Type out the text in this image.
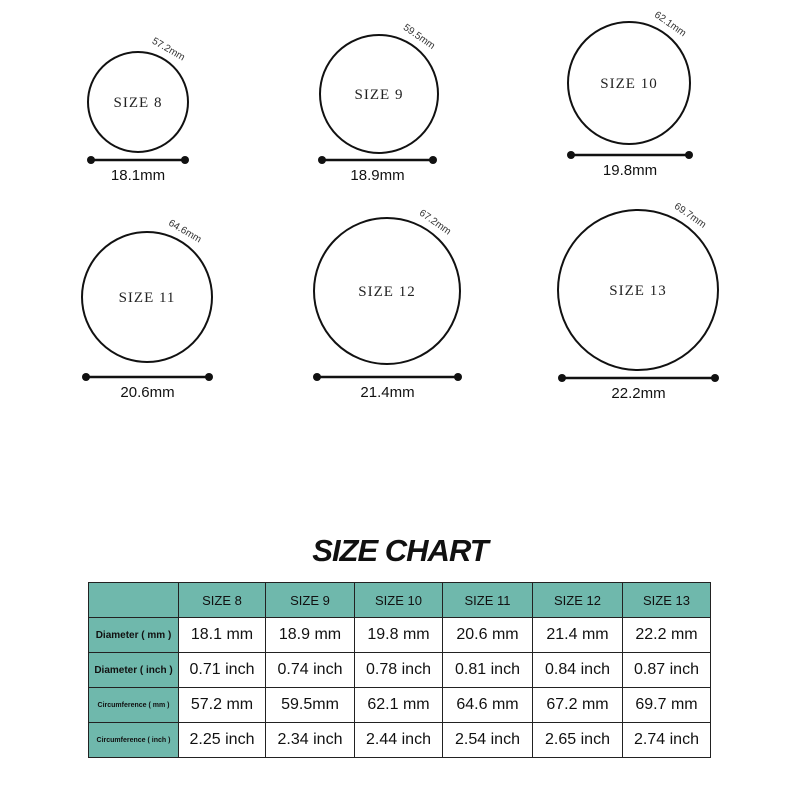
SIZE 8
57.2mm
18.1mm
SIZE 9
59.5mm
18.9mm
SIZE 10
62.1mm
19.8mm
SIZE 11
64.6mm
20.6mm
SIZE 12
67.2mm
21.4mm
SIZE 13
69.7mm
22.2mm
SIZE CHART
	SIZE 8	SIZE 9	SIZE 10	SIZE 11	SIZE 12	SIZE 13
Diameter ( mm )	18.1 mm	18.9 mm	19.8 mm	20.6 mm	21.4 mm	22.2 mm
Diameter ( inch )	0.71 inch	0.74 inch	0.78 inch	0.81 inch	0.84 inch	0.87 inch
Circumference ( mm )	57.2 mm	59.5mm	62.1 mm	64.6 mm	67.2 mm	69.7 mm
Circumference ( inch )	2.25 inch	2.34 inch	2.44 inch	2.54 inch	2.65 inch	2.74 inch
